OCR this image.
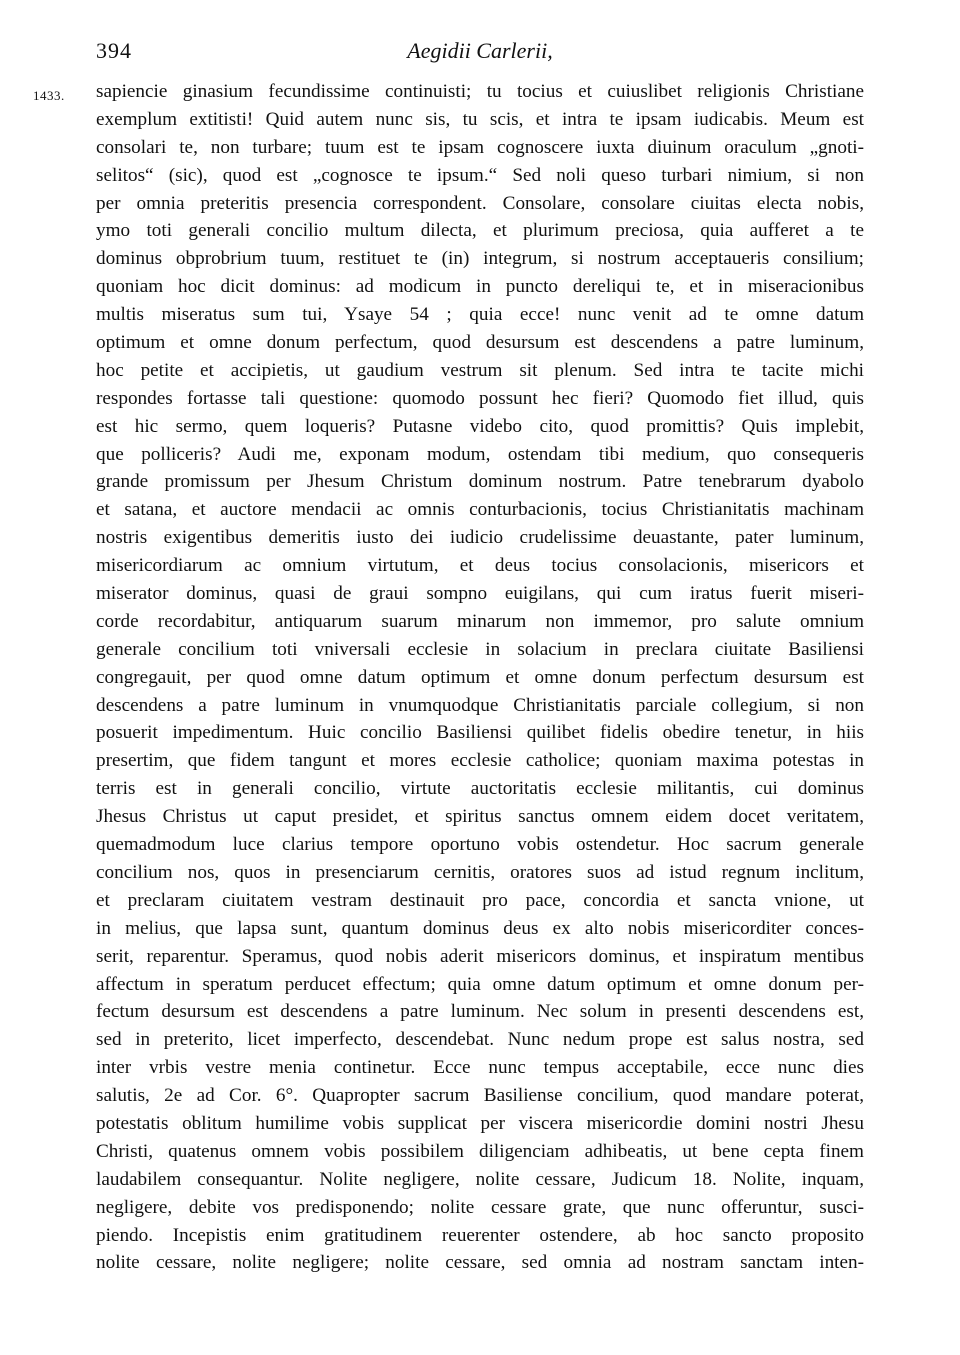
394	Aegidii Carlerii,
1433. sapiencie ginasium fecundissime continuisti; tu tocius et cuiuslibet religionis Christiane
exemplum extitisti! Quid autem nunc sis, tu scis, et intra te ipsam iudicabis. Meum est
consolari te, non turbare; tuum est te ipsam cognoscere iuxta diuinum oraculum „gnoti-
selitos“ (sic), quod est „cognosce te ipsum.“ Sed noli queso turbari nimium, si non
per omnia preteritis presencia correspondent. Consolare, consolare ciuitas electa nobis,
ymo toti generali concilio multum dilecta, et plurimum preciosa, quia aufferet a te
dominus obprobrium tuum, restituet te (in) integrum, si nostrum acceptaueris consilium;
quoniam hoc dicit dominus: ad modicum in puncto dereliqui te, et in miseracionibus
multis miseratus sum tui, Ysaye 54 ; quia ecce! nunc venit ad te omne datum
optimum et omne donum perfectum, quod desursum est descendens a patre luminum,
hoc petite et accipietis, ut gaudium vestrum sit plenum. Sed intra te tacite michi
respondes fortasse tali questione: quomodo possunt hec fieri? Quomodo fiet illud, quis
est hic sermo, quem loqueris? Putasne videbo cito, quod promittis? Quis implebit,
que polliceris? Audi me, exponam modum, ostendam tibi medium, quo consequeris
grande promissum per Jhesum Christum dominum nostrum. Patre tenebrarum dyabolo
et satana, et auctore mendacii ac omnis conturbacionis, tocius Christianitatis machinam
nostris exigentibus demeritis iusto dei iudicio crudelissime deuastante, pater luminum,
misericordiarum ac omnium virtutum, et deus tocius consolacionis, misericors et
miserator dominus, quasi de graui sompno euigilans, qui cum iratus fuerit miseri-
corde recordabitur, antiquarum suarum minarum non immemor, pro salute omnium
generale concilium toti vniversali ecclesie in solacium in preclara ciuitate Basiliensi
congregauit, per quod omne datum optimum et omne donum perfectum desursum est
descendens a patre luminum in vnumquodque Christianitatis parciale collegium, si non
posuerit impedimentum. Huic concilio Basiliensi quilibet fidelis obedire tenetur, in hiis
presertim, que fidem tangunt et mores ecclesie catholice; quoniam maxima potestas in
terris est in generali concilio, virtute auctoritatis ecclesie militantis, cui dominus
Jhesus Christus ut caput presidet, et spiritus sanctus omnem eidem docet veritatem,
quemadmodum luce clarius tempore oportuno vobis ostendetur. Hoc sacrum generale
concilium nos, quos in presenciarum cernitis, oratores suos ad istud regnum inclitum,
et preclaram ciuitatem vestram destinauit pro pace, concordia et sancta vnione, ut
in melius, que lapsa sunt, quantum dominus deus ex alto nobis misericorditer conces-
serit, reparentur. Speramus, quod nobis aderit misericors dominus, et inspiratum mentibus
affectum in speratum perducet effectum; quia omne datum optimum et omne donum per-
fectum desursum est descendens a patre luminum. Nec solum in presenti descendens est,
sed in preterito, licet imperfecto, descendebat. Nunc nedum prope est salus nostra, sed
inter vrbis vestre menia continetur. Ecce nunc tempus acceptabile, ecce nunc dies
salutis, 2e ad Cor. 6°. Quapropter sacrum Basiliense concilium, quod mandare poterat,
potestatis oblitum humilime vobis supplicat per viscera misericordie domini nostri Jhesu
Christi, quatenus omnem vobis possibilem diligenciam adhibeatis, ut bene cepta finem
laudabilem consequantur. Nolite negligere, nolite cessare, Judicum 18. Nolite, inquam,
negligere, debite vos predisponendo; nolite cessare grate, que nunc offeruntur, susci-
piendo. Incepistis enim gratitudinem reuerenter ostendere, ab hoc sancto proposito
nolite cessare, nolite negligere; nolite cessare, sed omnia ad nostram sanctam inten-
